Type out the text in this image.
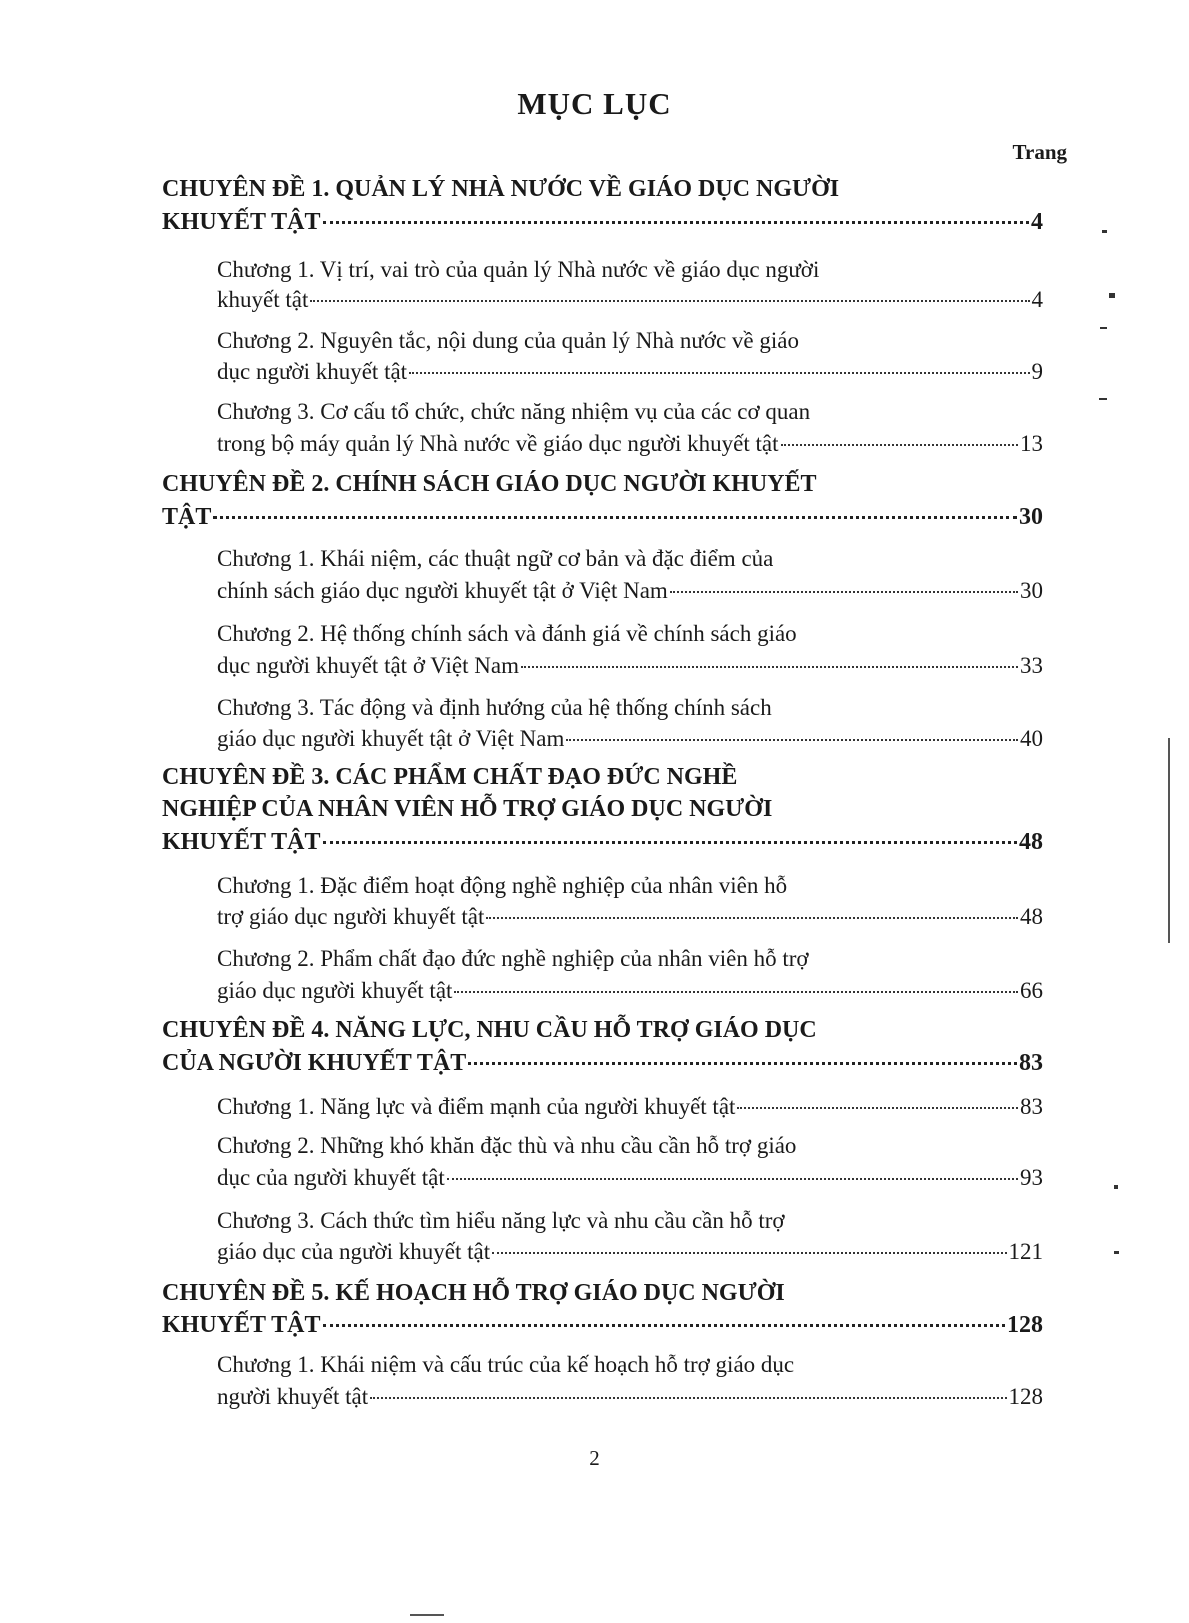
MỤC LỤC
Trang
CHUYÊN ĐỀ 1. QUẢN LÝ NHÀ NƯỚC VỀ GIÁO DỤC NGƯỜI
KHUYẾT TẬT	4
Chương 1. Vị trí, vai trò của quản lý Nhà nước về giáo dục người
khuyết tật	4
Chương 2. Nguyên tắc, nội dung của quản lý Nhà nước về giáo
dục người khuyết tật	9
Chương 3. Cơ cấu tổ chức, chức năng nhiệm vụ của các cơ quan
trong bộ máy quản lý Nhà nước về giáo dục người khuyết tật	13
CHUYÊN ĐỀ 2. CHÍNH SÁCH GIÁO DỤC NGƯỜI KHUYẾT
TẬT	30
Chương 1. Khái niệm, các thuật ngữ cơ bản và đặc điểm của
chính sách giáo dục người khuyết tật ở Việt Nam	30
Chương 2. Hệ thống chính sách và đánh giá về chính sách giáo
dục người khuyết tật ở Việt Nam	33
Chương 3. Tác động và định hướng của hệ thống chính sách
giáo dục người khuyết tật ở Việt Nam	40
CHUYÊN ĐỀ 3. CÁC PHẨM CHẤT ĐẠO ĐỨC NGHỀ
NGHIỆP CỦA NHÂN VIÊN HỖ TRỢ GIÁO DỤC NGƯỜI
KHUYẾT TẬT	48
Chương 1. Đặc điểm hoạt động nghề nghiệp của nhân viên hỗ
trợ giáo dục người khuyết tật	48
Chương 2. Phẩm chất đạo đức nghề nghiệp của nhân viên hỗ trợ
giáo dục người khuyết tật	66
CHUYÊN ĐỀ 4. NĂNG LỰC, NHU CẦU HỖ TRỢ GIÁO DỤC
CỦA NGƯỜI KHUYẾT TẬT	83
Chương 1. Năng lực và điểm mạnh của người khuyết tật	83
Chương 2. Những khó khăn đặc thù và nhu cầu cần hỗ trợ giáo
dục của người khuyết tật	93
Chương 3. Cách thức tìm hiểu năng lực và nhu cầu cần hỗ trợ
giáo dục của người khuyết tật	121
CHUYÊN ĐỀ 5. KẾ HOẠCH HỖ TRỢ GIÁO DỤC NGƯỜI
KHUYẾT TẬT	128
Chương 1. Khái niệm và cấu trúc của kế hoạch hỗ trợ giáo dục
người khuyết tật	128
2
